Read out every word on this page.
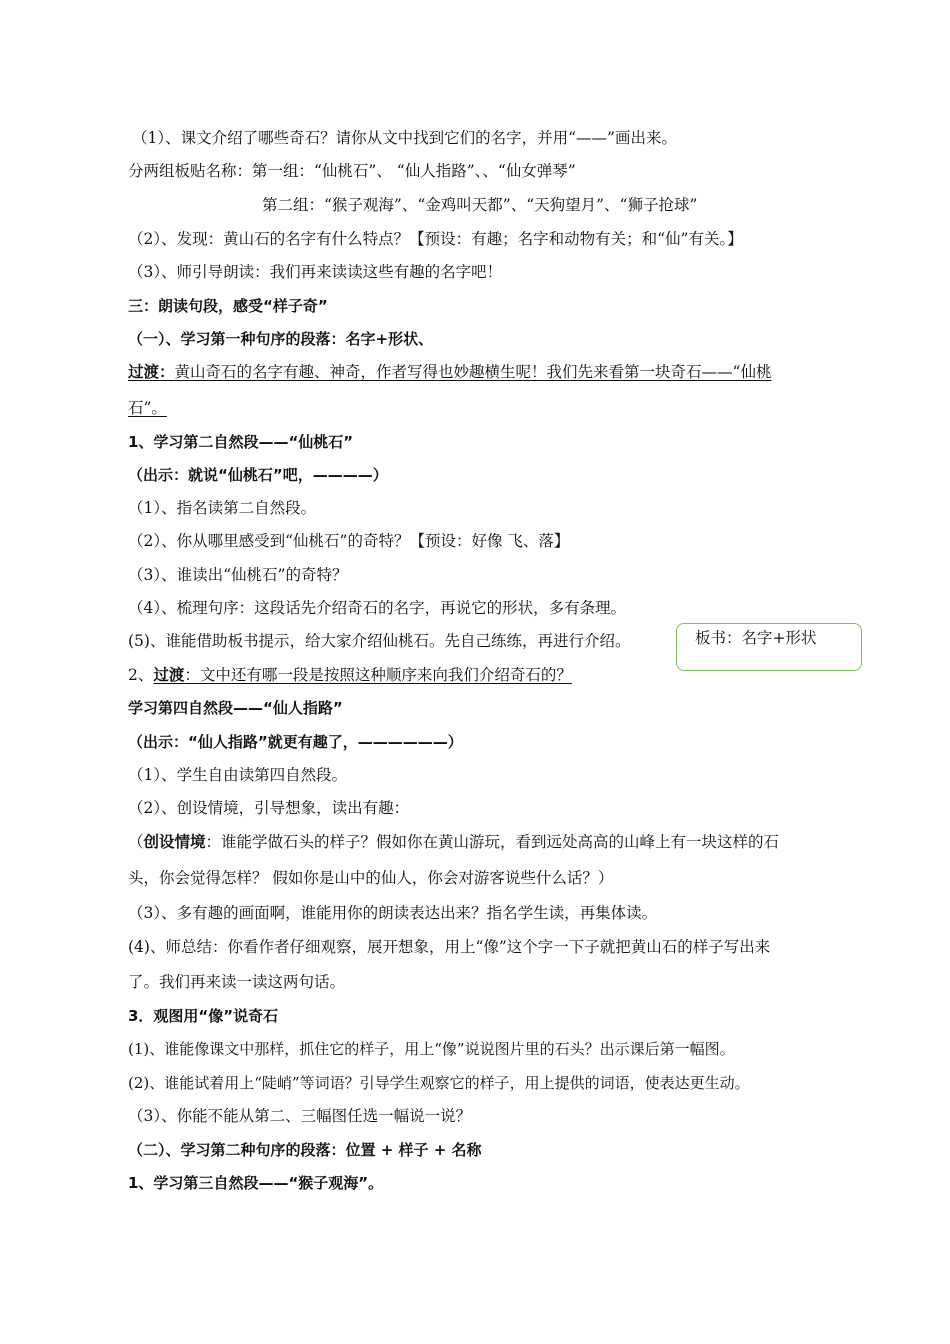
（1）、课文介绍了哪些奇石？请你从文中找到它们的名字，并用“——”画出来。
分两组板贴名称：第一组：“仙桃石”、 “仙人指路”、、“仙女弹琴”
第二组：“猴子观海”、“金鸡叫天都”、“天狗望月”、“狮子抢球”
（2）、发现：黄山石的名字有什么特点？【预设：有趣；名字和动物有关；和“仙”有关。】
（3）、师引导朗读：我们再来读读这些有趣的名字吧！
三：朗读句段，感受“样子奇”
（一）、学习第一种句序的段落：名字+形状、
过渡：黄山奇石的名字有趣、神奇，作者写得也妙趣横生呢！我们先来看第一块奇石——“仙桃
石”。
1、学习第二自然段——“仙桃石”
（出示：就说“仙桃石”吧，————）
（1）、指名读第二自然段。
（2）、你从哪里感受到“仙桃石”的奇特？【预设：好像 飞、落】
（3）、谁读出“仙桃石”的奇特？
（4）、梳理句序：这段话先介绍奇石的名字，再说它的形状，多有条理。
(5)、谁能借助板书提示，给大家介绍仙桃石。先自己练练，再进行介绍。
2、过渡：文中还有哪一段是按照这种顺序来向我们介绍奇石的？
学习第四自然段——“仙人指路”
（出示：“仙人指路”就更有趣了，——————）
（1）、学生自由读第四自然段。
（2）、创设情境，引导想象，读出有趣：
（创设情境：谁能学做石头的样子？假如你在黄山游玩，看到远处高高的山峰上有一块这样的石
头，你会觉得怎样？ 假如你是山中的仙人，你会对游客说些什么话？）
（3）、多有趣的画面啊，谁能用你的朗读表达出来？指名学生读，再集体读。
(4)、师总结：你看作者仔细观察，展开想象，用上“像”这个字一下子就把黄山石的样子写出来
了。我们再来读一读这两句话。
3．观图用“像”说奇石
(1)、谁能像课文中那样，抓住它的样子，用上“像”说说图片里的石头？出示课后第一幅图。
(2)、谁能试着用上“陡峭”等词语？引导学生观察它的样子，用上提供的词语，使表达更生动。
（3）、你能不能从第二、三幅图任选一幅说一说？
（二）、学习第二种句序的段落：位置 + 样子 + 名称
1、学习第三自然段——“猴子观海”。
板书：名字+形状
